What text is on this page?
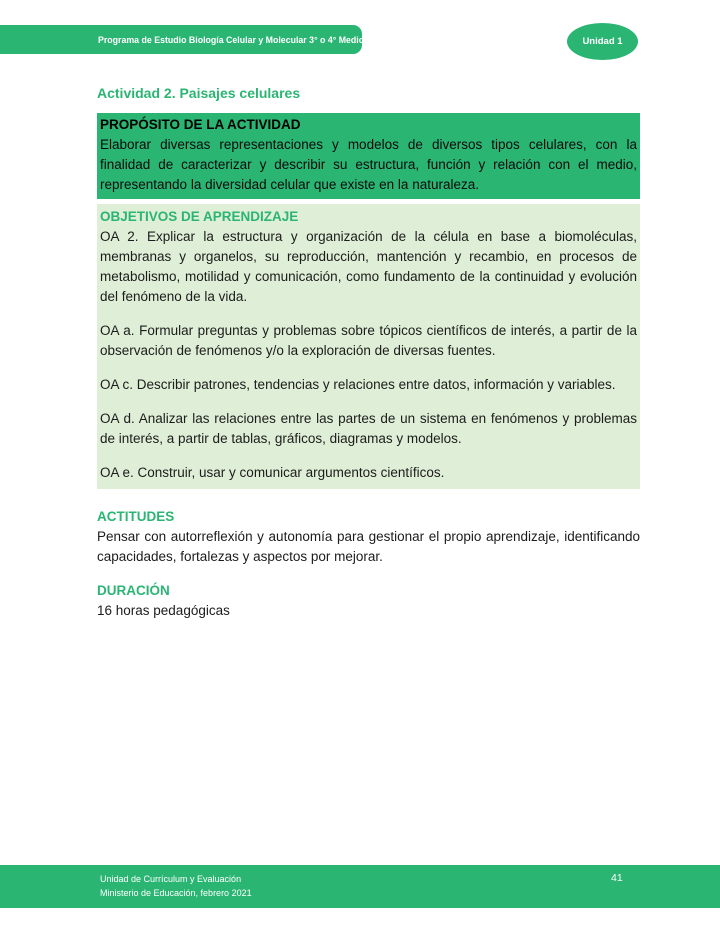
Programa de Estudio Biología Celular y Molecular 3° o 4° Medio	Unidad 1
Actividad 2. Paisajes celulares

PROPÓSITO DE LA ACTIVIDAD

Elaborar diversas representaciones y modelos de diversos tipos celulares, con la finalidad de caracterizar y describir su estructura, función y relación con el medio, representando la diversidad celular que existe en la naturaleza.

OBJETIVOS DE APRENDIZAJE

OA 2. Explicar la estructura y organización de la célula en base a biomoléculas, membranas y organelos, su reproducción, mantención y recambio, en procesos de metabolismo, motilidad y comunicación, como fundamento de la continuidad y evolución del fenómeno de la vida.

OA a. Formular preguntas y problemas sobre tópicos científicos de interés, a partir de la observación de fenómenos y/o la exploración de diversas fuentes.

OA c. Describir patrones, tendencias y relaciones entre datos, información y variables.

OA d. Analizar las relaciones entre las partes de un sistema en fenómenos y problemas de interés, a partir de tablas, gráficos, diagramas y modelos.

OA e. Construir, usar y comunicar argumentos científicos.

ACTITUDES

Pensar con autorreflexión y autonomía para gestionar el propio aprendizaje, identificando capacidades, fortalezas y aspectos por mejorar.

DURACIÓN

16 horas pedagógicas

Unidad de Currículum y Evaluación
Ministerio de Educación, febrero 2021
41
